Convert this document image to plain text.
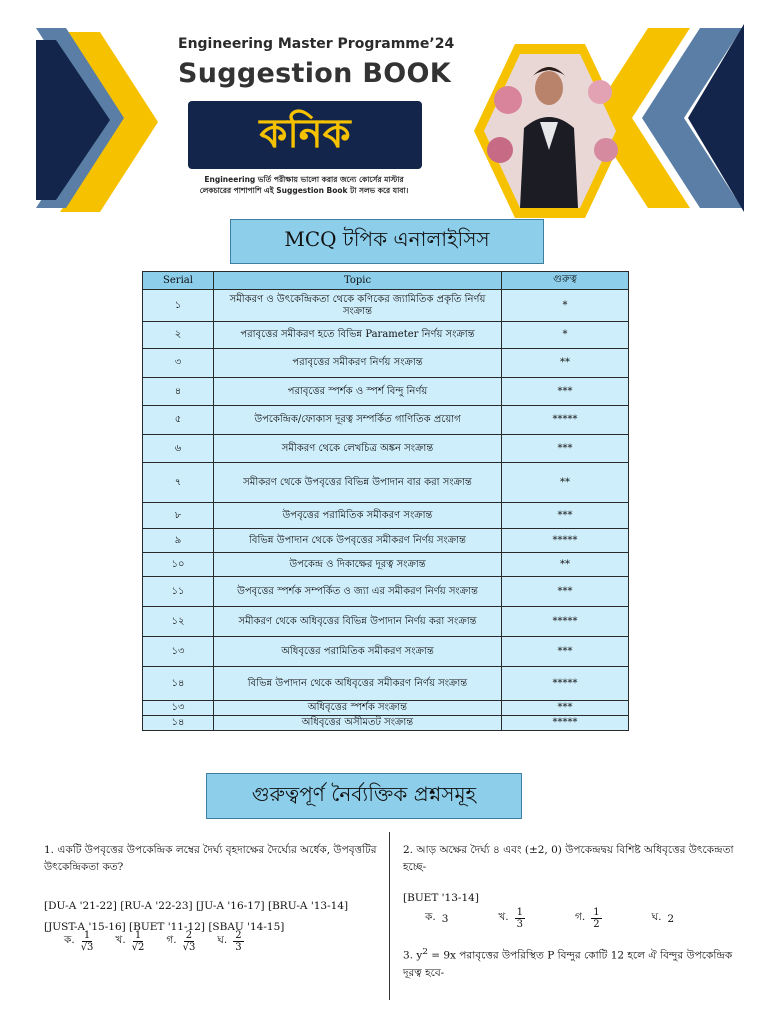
Engineering Master Programme’24
Suggestion BOOK
কনিক
Engineering ভর্তি পরীক্ষায় ভালো করার জন্যে কোর্সের মাস্টার
লেকচারের পাশাপাশি এই Suggestion Book টা সলভ করে যাবা।
MCQ টপিক এনালাইসিস
Serial	Topic	গুরুত্ব
১	সমীকরণ ও উৎকেন্দ্রিকতা থেকে কণিকের জ্যামিতিক প্রকৃতি নির্ণয় সংক্রান্ত	*
২	পরাবৃত্তের সমীকরণ হতে বিভিন্ন Parameter নির্ণয় সংক্রান্ত	*
৩	পরাবৃত্তের সমীকরণ নির্ণয় সংক্রান্ত	**
৪	পরাবৃত্তের স্পর্শক ও স্পর্শ বিন্দু নির্ণয়	***
৫	উপকেন্দ্রিক/ফোকাস দূরত্ব সম্পর্কিত গাণিতিক প্রয়োগ	*****
৬	সমীকরণ থেকে লেখচিত্র অঙ্কন সংক্রান্ত	***
৭	সমীকরণ থেকে উপবৃত্তের বিভিন্ন উপাদান বার করা সংক্রান্ত	**
৮	উপবৃত্তের পরামিতিক সমীকরণ সংক্রান্ত	***
৯	বিভিন্ন উপাদান থেকে উপবৃত্তের সমীকরণ নির্ণয় সংক্রান্ত	*****
১০	উপকেন্দ্র ও দিকাক্ষের দূরত্ব সংক্রান্ত	**
১১	উপবৃত্তের স্পর্শক সম্পর্কিত ও জ্যা এর সমীকরণ নির্ণয় সংক্রান্ত	***
১২	সমীকরণ থেকে অধিবৃত্তের বিভিন্ন উপাদান নির্ণয় করা সংক্রান্ত	*****
১৩	অধিবৃত্তের পরামিতিক সমীকরণ সংক্রান্ত	***
১৪	বিভিন্ন উপাদান থেকে অধিবৃত্তের সমীকরণ নির্ণয় সংক্রান্ত	*****
১৩	অধিবৃত্তের স্পর্শক সংক্রান্ত	***
১৪	অধিবৃত্তের অসীমতট সংক্রান্ত	*****
গুরুত্বপূর্ণ নৈর্ব্যক্তিক প্রশ্নসমূহ
1. একটি উপবৃত্তের উপকেন্দ্রিক লম্বের দৈর্ঘ্য বৃহদাক্ষের দৈর্ঘ্যের অর্ধেক, উপবৃত্তটির উৎকেন্দ্রিকতা কত?
[DU-A '21-22] [RU-A '22-23] [JU-A '16-17] [BRU-A '13-14] [JUST-A '15-16] [BUET '11-12] [SBAU '14-15]
ক. $\frac{1}{√3}$ খ. $\frac{1}{√2}$ গ. $\frac{2}{√3}$ ঘ. $\frac{2}{3}$
2. আড় অক্ষের দৈর্ঘ্য ৪ এবং (±2, 0) উপকেন্দ্রদ্বয় বিশিষ্ট অধিবৃত্তের উৎকেন্দ্রতা হচ্ছে-
[BUET '13-14]
ক. 3	খ. $\frac{1}{3}$	গ. $\frac{1}{2}$	ঘ. 2
3. $y^2 = 9x$ পরাবৃত্তের উপরিস্থিত P বিন্দুর কোটি 12 হলে ঐ বিন্দুর উপকেন্দ্রিক দূরত্ব হবে-
